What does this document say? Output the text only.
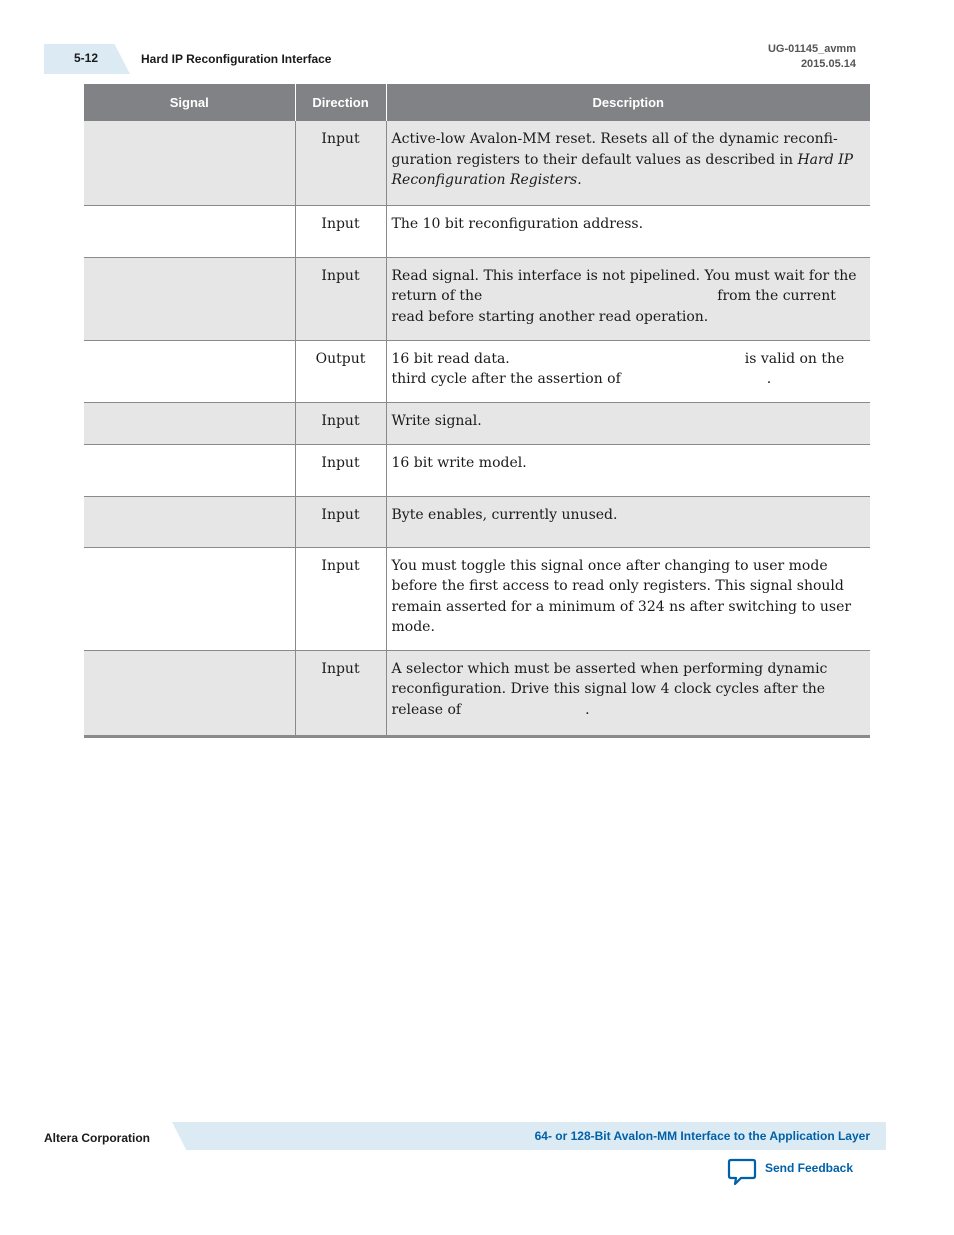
5-12	Hard IP Reconfiguration Interface
UG-01145_avmm
2015.05.14
Signal	Direction	Description
	Input	Active-low Avalon-MM reset. Resets all of the dynamic reconfi-
guration registers to their default values as described in Hard IP
Reconfiguration Registers.

	Input	The 10 bit reconfiguration address.

	Input	Read signal. This interface is not pipelined. You must wait for the
return of the from the current
read before starting another read operation.

	Output	16 bit read data. is valid on the
third cycle after the assertion of .

	Input	Write signal.

	Input	16 bit write model.

	Input	Byte enables, currently unused.

	Input	You must toggle this signal once after changing to user mode
before the first access to read only registers. This signal should
remain asserted for a minimum of 324 ns after switching to user
mode.

	Input	A selector which must be asserted when performing dynamic
reconfiguration. Drive this signal low 4 clock cycles after the
release of .
Altera Corporation	64- or 128-Bit Avalon-MM Interface to the Application Layer
Send Feedback
